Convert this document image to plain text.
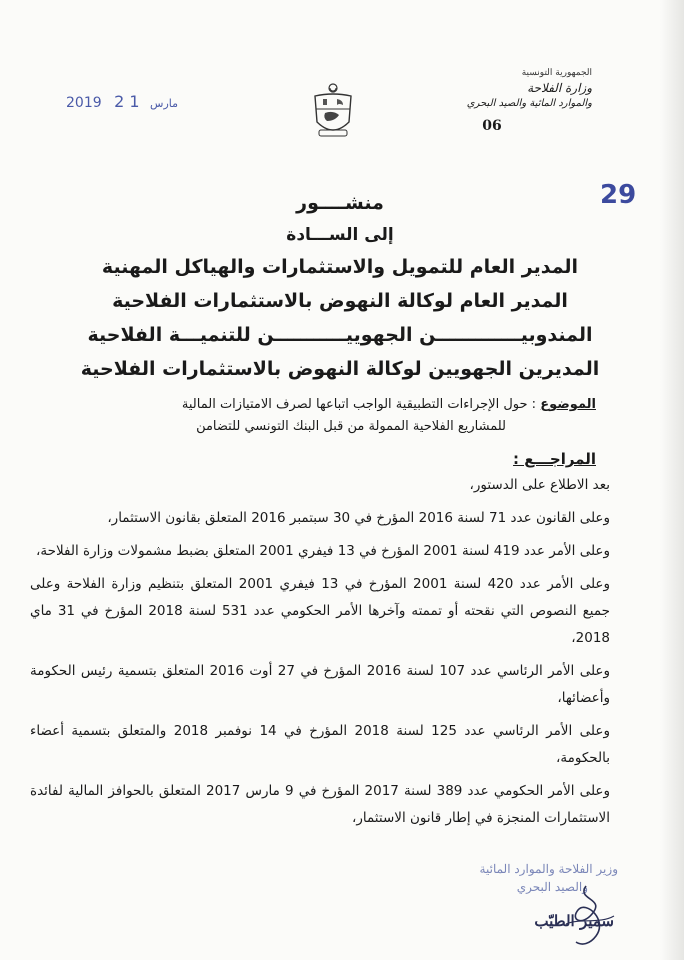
الجمهورية التونسية
وزارة الفلاحة
والموارد المائية والصيد البحري
06
2019	مارس 1 2
29

منشــــور

إلى الســـادة

المدير العام للتمويل والاستثمارات والهياكل المهنية

المدير العام لوكالة النهوض بالاستثمارات الفلاحية

المندوبيـــــــــــــن الجهوييـــــــــــن للتنميـــة الفلاحية

المديرين الجهويين لوكالة النهوض بالاستثمارات الفلاحية

الموضوع : حول الإجراءات التطبيقية الواجب اتباعها لصرف الامتيازات المالية
للمشاريع الفلاحية الممولة من قبل البنك التونسي للتضامن
المراجـــع :

بعد الاطلاع على الدستور،

وعلى القانون عدد 71 لسنة 2016 المؤرخ في 30 سبتمبر 2016 المتعلق بقانون الاستثمار،

وعلى الأمر عدد 419 لسنة 2001 المؤرخ في 13 فيفري 2001 المتعلق بضبط مشمولات وزارة الفلاحة،

وعلى الأمر عدد 420 لسنة 2001 المؤرخ في 13 فيفري 2001 المتعلق بتنظيم وزارة الفلاحة وعلى جميع النصوص التي نقحته أو تممته وآخرها الأمر الحكومي عدد 531 لسنة 2018 المؤرخ في 31 ماي 2018،

وعلى الأمر الرئاسي عدد 107 لسنة 2016 المؤرخ في 27 أوت 2016 المتعلق بتسمية رئيس الحكومة وأعضائها،

وعلى الأمر الرئاسي عدد 125 لسنة 2018 المؤرخ في 14 نوفمبر 2018 والمتعلق بتسمية أعضاء بالحكومة،

وعلى الأمر الحكومي عدد 389 لسنة 2017 المؤرخ في 9 مارس 2017 المتعلق بالحوافز المالية لفائدة الاستثمارات المنجزة في إطار قانون الاستثمار،

وزير الفلاحة والموارد المائية
والصيد البحري
سمير الطيّب
